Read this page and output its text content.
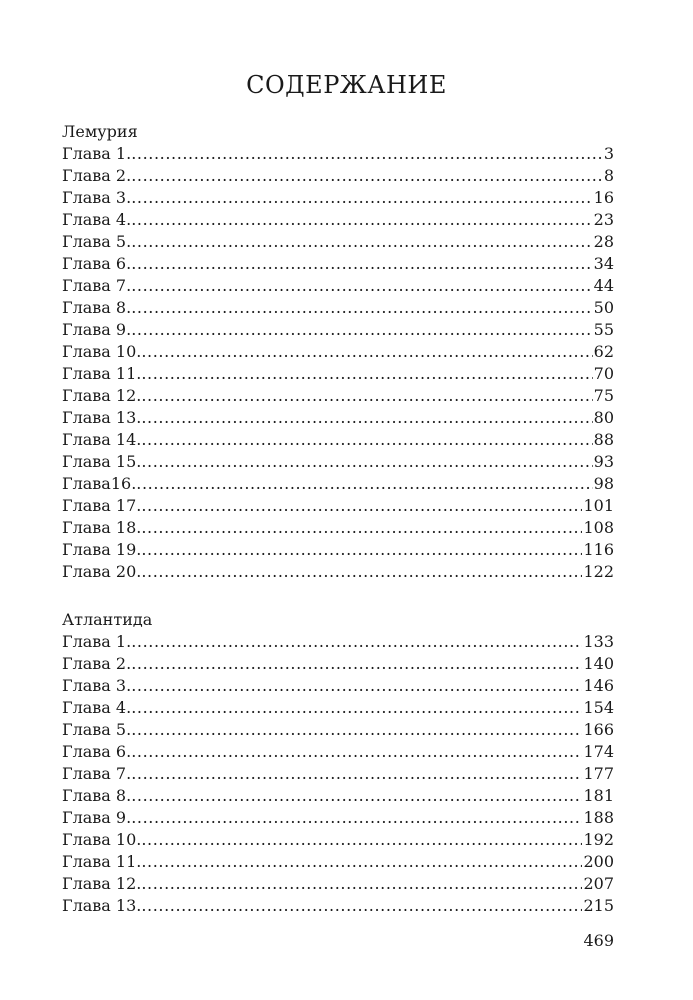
СОДЕРЖАНИЕ
Лемурия
Глава 1. .....	3
Глава 2. .....	8
Глава 3. .....	16
Глава 4. .....	23
Глава 5. .....	28
Глава 6. .....	34
Глава 7. .....	44
Глава 8. .....	50
Глава 9. .....	55
Глава 10. .....	62
Глава 11. .....	70
Глава 12. .....	75
Глава 13. .....	80
Глава 14. .....	88
Глава 15. .....	93
Глава16. .....	98
Глава 17. .....	101
Глава 18. .....	108
Глава 19. .....	116
Глава 20. .....	122
Атлантида
Глава 1. .....	133
Глава 2. .....	140
Глава 3. .....	146
Глава 4. .....	154
Глава 5. .....	166
Глава 6. .....	174
Глава 7. .....	177
Глава 8. .....	181
Глава 9. .....	188
Глава 10. .....	192
Глава 11. .....	200
Глава 12. .....	207
Глава 13. .....	215
469
